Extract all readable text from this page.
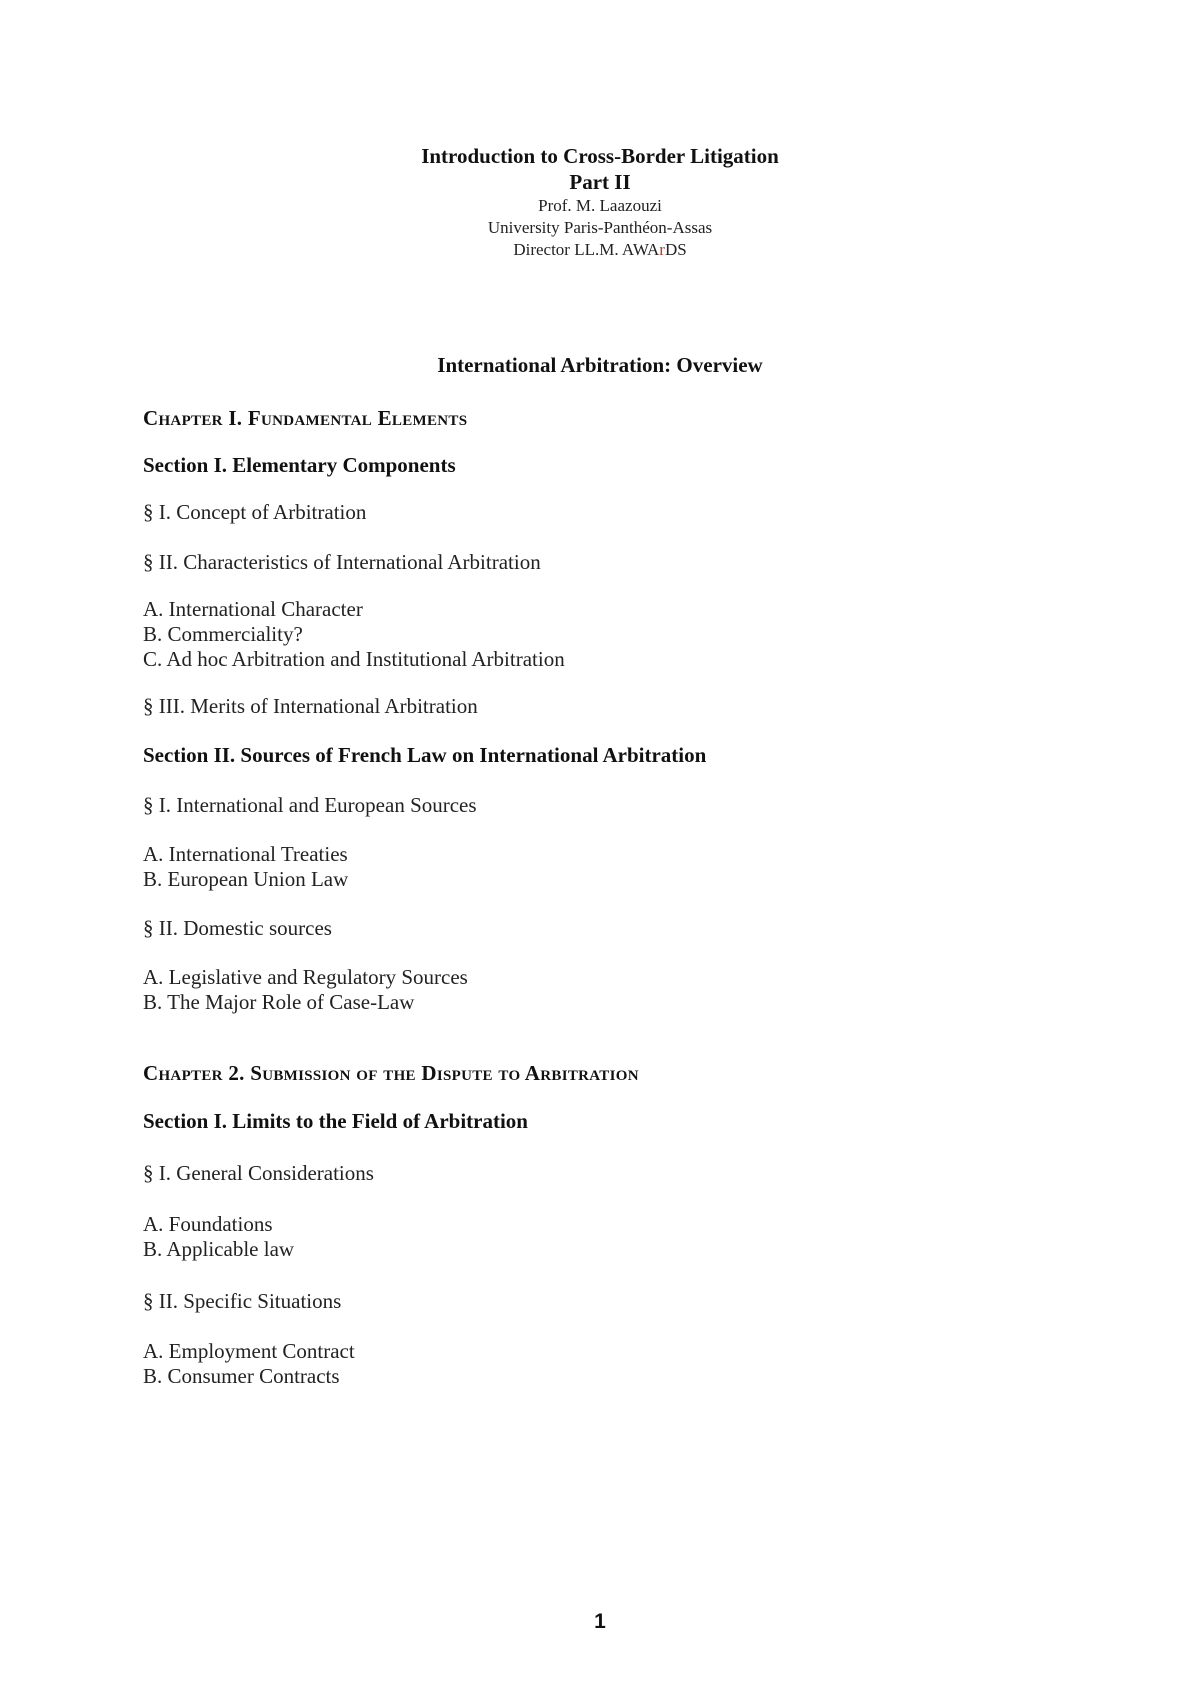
Introduction to Cross-Border Litigation

Part II

Prof. M. Laazouzi

University Paris-Panthéon-Assas

Director LL.M. AWArDS

International Arbitration: Overview
Chapter I. Fundamental Elements
Section I. Elementary Components
§ I. Concept of Arbitration
§ II. Characteristics of International Arbitration
A. International Character
B. Commerciality?
C. Ad hoc Arbitration and Institutional Arbitration
§ III. Merits of International Arbitration
Section II. Sources of French Law on International Arbitration
§ I. International and European Sources
A. International Treaties
B. European Union Law
§ II. Domestic sources
A. Legislative and Regulatory Sources
B. The Major Role of Case-Law
Chapter 2. Submission of the Dispute to Arbitration
Section I. Limits to the Field of Arbitration
§ I. General Considerations
A. Foundations
B. Applicable law
§ II. Specific Situations
A. Employment Contract
B. Consumer Contracts
1
